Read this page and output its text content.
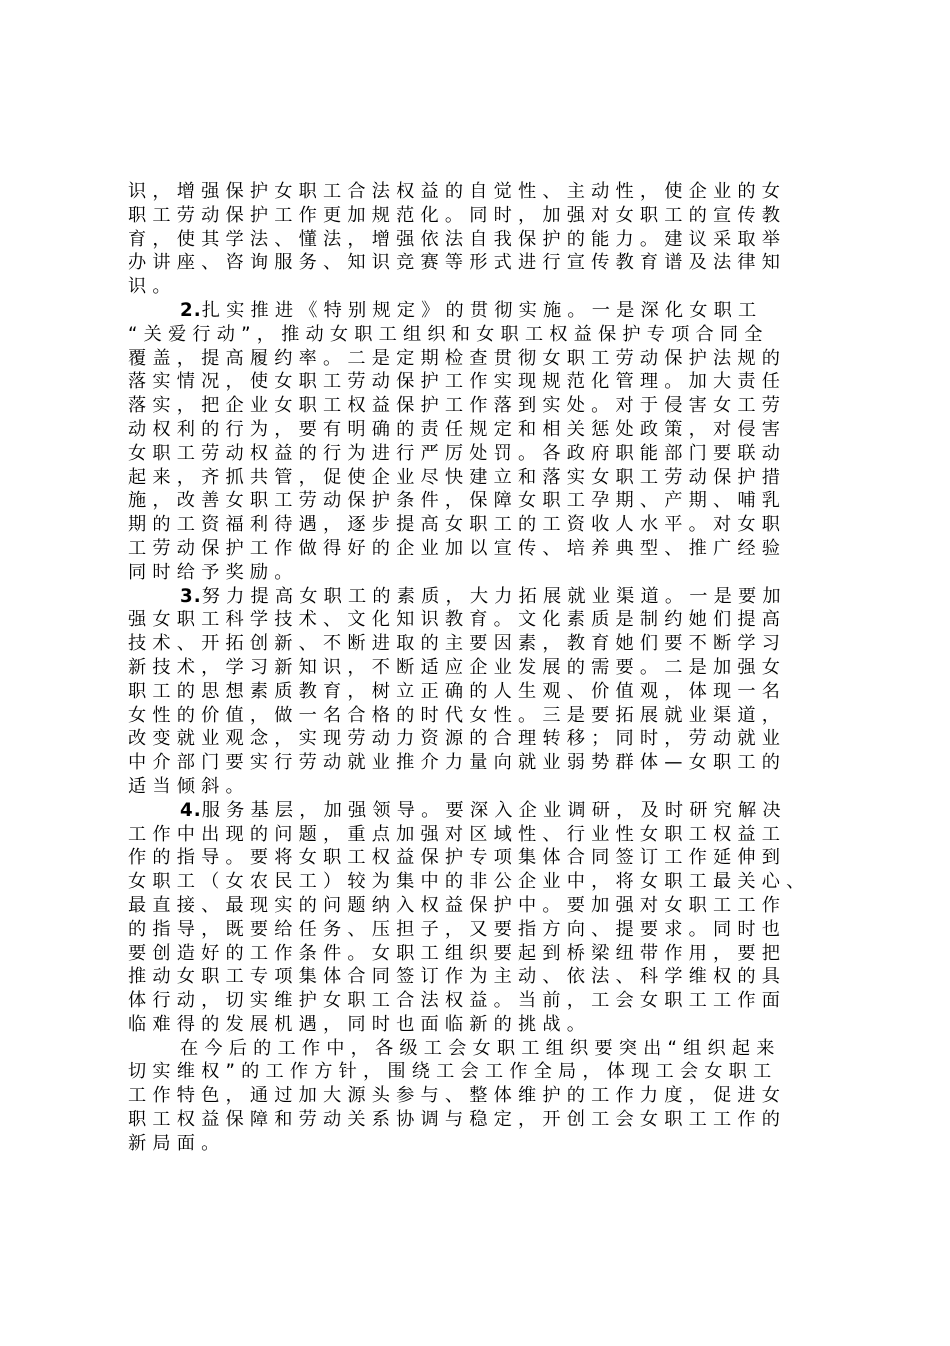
识，增强保护女职工合法权益的自觉性、主动性，使企业的女
职工劳动保护工作更加规范化。同时，加强对女职工的宣传教
育，使其学法、懂法，增强依法自我保护的能力。建议采取举
办讲座、咨询服务、知识竞赛等形式进行宣传教育谱及法律知
识。
2.扎实推进《特别规定》的贯彻实施。一是深化女职工
“关爱行动”，推动女职工组织和女职工权益保护专项合同全
覆盖，提高履约率。二是定期检查贯彻女职工劳动保护法规的
落实情况，使女职工劳动保护工作实现规范化管理。加大责任
落实，把企业女职工权益保护工作落到实处。对于侵害女工劳
动权利的行为，要有明确的责任规定和相关惩处政策，对侵害
女职工劳动权益的行为进行严厉处罚。各政府职能部门要联动
起来，齐抓共管，促使企业尽快建立和落实女职工劳动保护措
施，改善女职工劳动保护条件，保障女职工孕期、产期、哺乳
期的工资福利待遇，逐步提高女职工的工资收人水平。对女职
工劳动保护工作做得好的企业加以宣传、培养典型、推广经验
同时给予奖励。
3.努力提高女职工的素质，大力拓展就业渠道。一是要加
强女职工科学技术、文化知识教育。文化素质是制约她们提高
技术、开拓创新、不断进取的主要因素，教育她们要不断学习
新技术，学习新知识，不断适应企业发展的需要。二是加强女
职工的思想素质教育，树立正确的人生观、价值观，体现一名
女性的价值，做一名合格的时代女性。三是要拓展就业渠道，
改变就业观念，实现劳动力资源的合理转移；同时，劳动就业
中介部门要实行劳动就业推介力量向就业弱势群体—女职工的
适当倾斜。
4.服务基层，加强领导。要深入企业调研，及时研究解决
工作中出现的问题，重点加强对区域性、行业性女职工权益工
作的指导。要将女职工权益保护专项集体合同签订工作延伸到
女职工（女农民工）较为集中的非公企业中，将女职工最关心、
最直接、最现实的问题纳入权益保护中。要加强对女职工工作
的指导，既要给任务、压担子，又要指方向、提要求。同时也
要创造好的工作条件。女职工组织要起到桥梁纽带作用，要把
推动女职工专项集体合同签订作为主动、依法、科学维权的具
体行动，切实维护女职工合法权益。当前，工会女职工工作面
临难得的发展机遇，同时也面临新的挑战。
在今后的工作中，各级工会女职工组织要突出“组织起来
切实维权”的工作方针，围绕工会工作全局，体现工会女职工
工作特色，通过加大源头参与、整体维护的工作力度，促进女
职工权益保障和劳动关系协调与稳定，开创工会女职工工作的
新局面。
